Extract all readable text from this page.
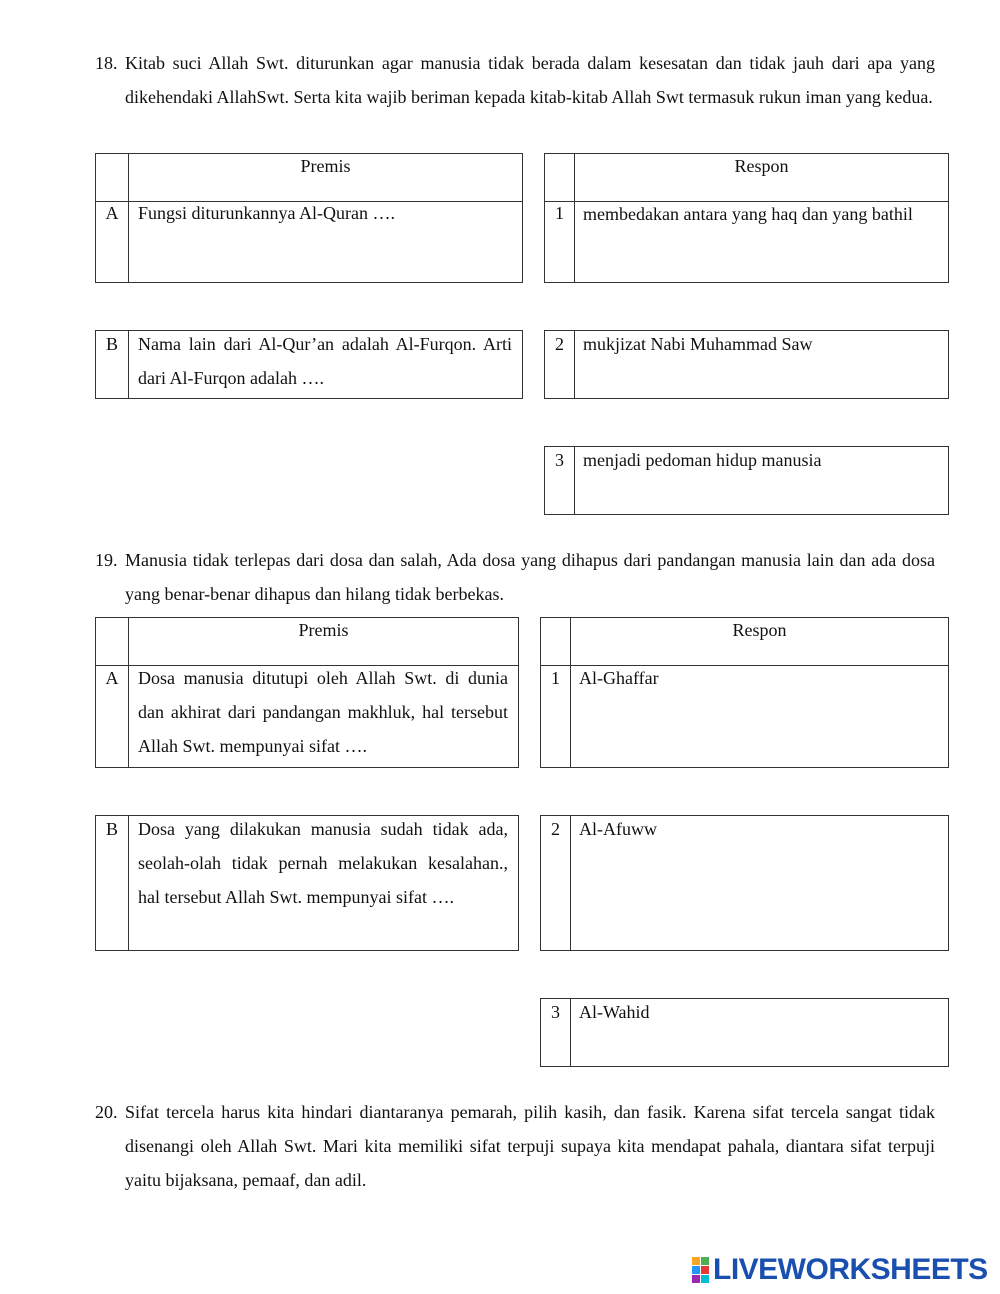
18. Kitab suci Allah Swt. diturunkan agar manusia tidak berada dalam kesesatan dan tidak jauh dari apa yang dikehendaki AllahSwt. Serta kita wajib beriman kepada kitab-kitab Allah Swt termasuk rukun iman yang kedua.
Premis
A	Fungsi diturunkannya Al-Quran ….
Respon
1	membedakan antara yang haq dan yang bathil
B	Nama lain dari Al-Qur’an adalah Al-Furqon. Arti dari Al-Furqon adalah ….
2	mukjizat Nabi Muhammad Saw
3	menjadi pedoman hidup manusia
19. Manusia tidak terlepas dari dosa dan salah, Ada dosa yang dihapus dari pandangan manusia lain dan ada dosa yang benar-benar dihapus dan hilang tidak berbekas.
Premis
A	Dosa manusia ditutupi oleh Allah Swt. di dunia dan akhirat dari pandangan makhluk, hal tersebut Allah Swt. mempunyai sifat ….
Respon
1	Al-Ghaffar
B	Dosa yang dilakukan manusia sudah tidak ada, seolah-olah tidak pernah melakukan kesalahan., hal tersebut Allah Swt. mempunyai sifat ….
2	Al-Afuww
3	Al-Wahid
20. Sifat tercela harus kita hindari diantaranya pemarah, pilih kasih, dan fasik. Karena sifat tercela sangat tidak disenangi oleh Allah Swt. Mari kita memiliki sifat terpuji supaya kita mendapat pahala, diantara sifat terpuji yaitu bijaksana, pemaaf, dan adil.
LIVEWORKSHEETS
